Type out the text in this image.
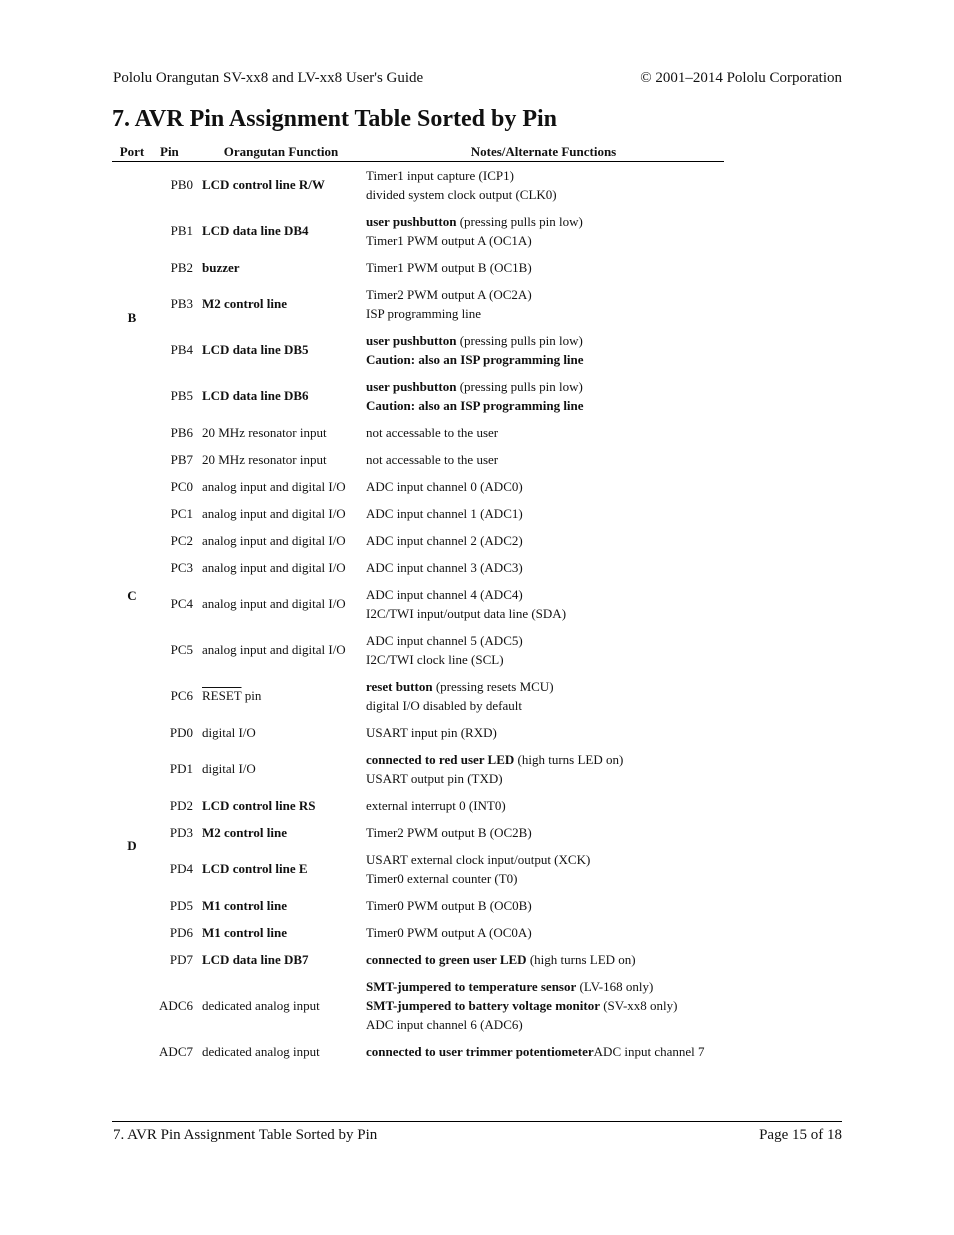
Pololu Orangutan SV-xx8 and LV-xx8 User's Guide	© 2001–2014 Pololu Corporation
7. AVR Pin Assignment Table Sorted by Pin
Port	Pin	Orangutan Function	Notes/Alternate Functions
B	PB0	LCD control line R/W	Timer1 input capture (ICP1)
divided system clock output (CLK0)

	PB1	LCD data line DB4	user pushbutton (pressing pulls pin low)
Timer1 PWM output A (OC1A)

	PB2	buzzer	Timer1 PWM output B (OC1B)
	PB3	M2 control line	Timer2 PWM output A (OC2A)
ISP programming line

	PB4	LCD data line DB5	user pushbutton (pressing pulls pin low)
Caution: also an ISP programming line

	PB5	LCD data line DB6	user pushbutton (pressing pulls pin low)
Caution: also an ISP programming line

	PB6	20 MHz resonator input	not accessable to the user
	PB7	20 MHz resonator input	not accessable to the user
C	PC0	analog input and digital I/O	ADC input channel 0 (ADC0)
	PC1	analog input and digital I/O	ADC input channel 1 (ADC1)
	PC2	analog input and digital I/O	ADC input channel 2 (ADC2)
	PC3	analog input and digital I/O	ADC input channel 3 (ADC3)
	PC4	analog input and digital I/O	ADC input channel 4 (ADC4)
I2C/TWI input/output data line (SDA)

	PC5	analog input and digital I/O	ADC input channel 5 (ADC5)
I2C/TWI clock line (SCL)

	PC6	RESET pin	reset button (pressing resets MCU)
digital I/O disabled by default

D	PD0	digital I/O	USART input pin (RXD)
	PD1	digital I/O	connected to red user LED (high turns LED on)
USART output pin (TXD)

	PD2	LCD control line RS	external interrupt 0 (INT0)
	PD3	M2 control line	Timer2 PWM output B (OC2B)
	PD4	LCD control line E	USART external clock input/output (XCK)
Timer0 external counter (T0)

	PD5	M1 control line	Timer0 PWM output B (OC0B)
	PD6	M1 control line	Timer0 PWM output A (OC0A)
	PD7	LCD data line DB7	connected to green user LED (high turns LED on)
	ADC6	dedicated analog input	SMT-jumpered to temperature sensor (LV-168 only)
SMT-jumpered to battery voltage monitor (SV-xx8 only)
ADC input channel 6 (ADC6)

	ADC7	dedicated analog input	connected to user trimmer potentiometerADC input channel 7
7. AVR Pin Assignment Table Sorted by Pin	Page 15 of 18
